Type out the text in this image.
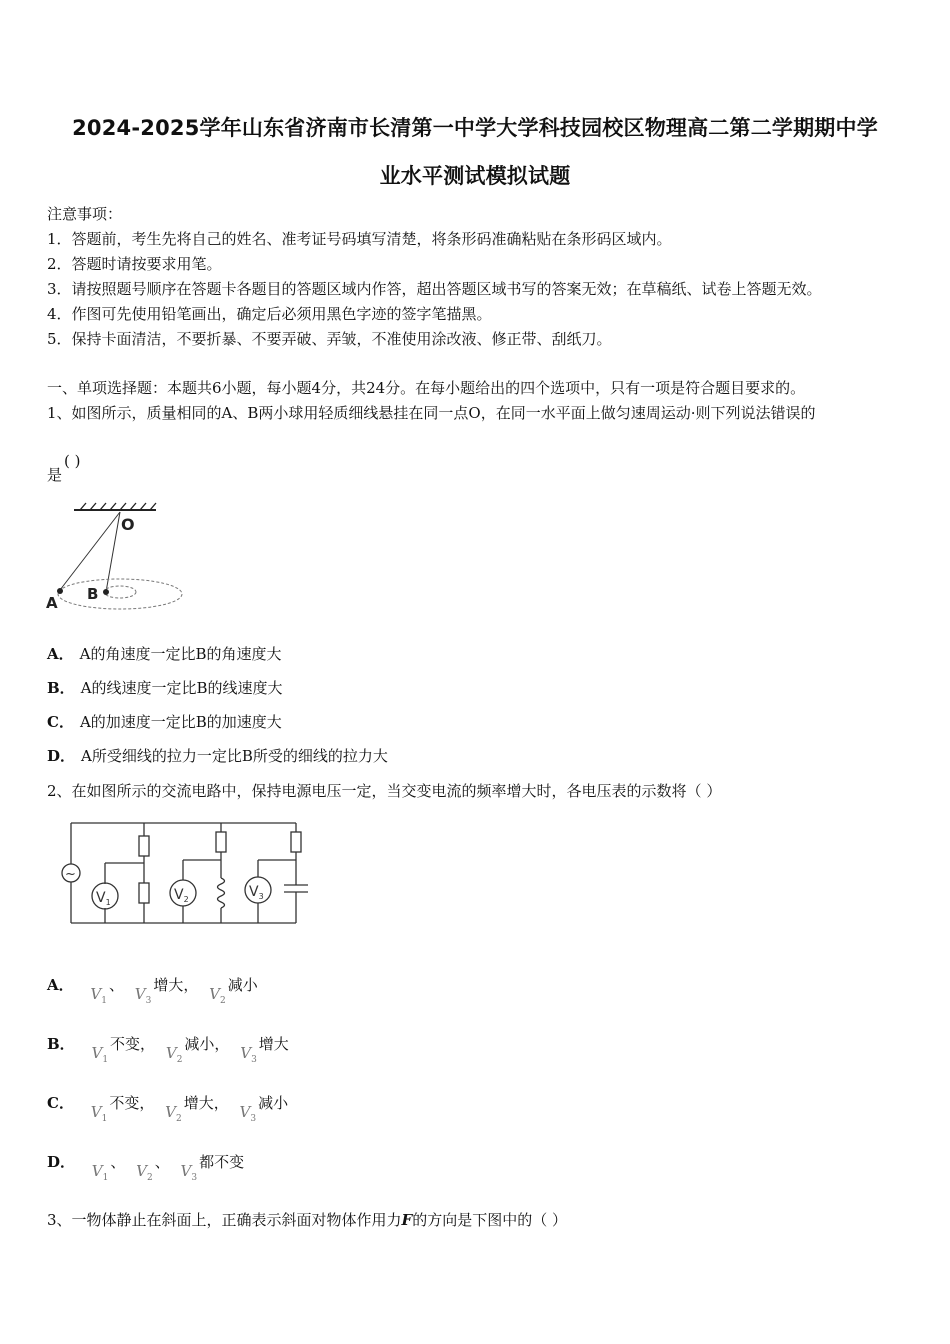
2024-2025学年山东省济南市长清第一中学大学科技园校区物理高二第二学期期中学
业水平测试模拟试题
注意事项：
1．答题前，考生先将自己的姓名、准考证号码填写清楚，将条形码准确粘贴在条形码区域内。
2．答题时请按要求用笔。
3．请按照题号顺序在答题卡各题目的答题区域内作答，超出答题区域书写的答案无效；在草稿纸、试卷上答题无效。
4．作图可先使用铅笔画出，确定后必须用黑色字迹的签字笔描黑。
5．保持卡面清洁，不要折暴、不要弄破、弄皱，不准使用涂改液、修正带、刮纸刀。
一、单项选择题：本题共6小题，每小题4分，共24分。在每小题给出的四个选项中，只有一项是符合题目要求的。
1、如图所示，质量相同的A、B两小球用轻质细线悬挂在同一点O，在同一水平面上做匀速周运动·则下列说法错误的
是
( )
O
A B
A． A的角速度一定比B的角速度大
B． A的线速度一定比B的线速度大
C． A的加速度一定比B的加速度大
D． A所受细线的拉力一定比B所受的细线的拉力大
2、在如图所示的交流电路中，保持电源电压一定，当交变电流的频率增大时，各电压表的示数将（ ）
~
$V_1$	$V_2$	$V_3$
A． $V_1$、 $V_3$增大， $V_2$减小
B． $V_1$不变， $V_2$减小， $V_3$增大
C． $V_1$不变， $V_2$增大， $V_3$减小
D． $V_1$、 $V_2$、 $V_3$都不变
3、一物体静止在斜面上，正确表示斜面对物体作用力F的方向是下图中的（ ）
